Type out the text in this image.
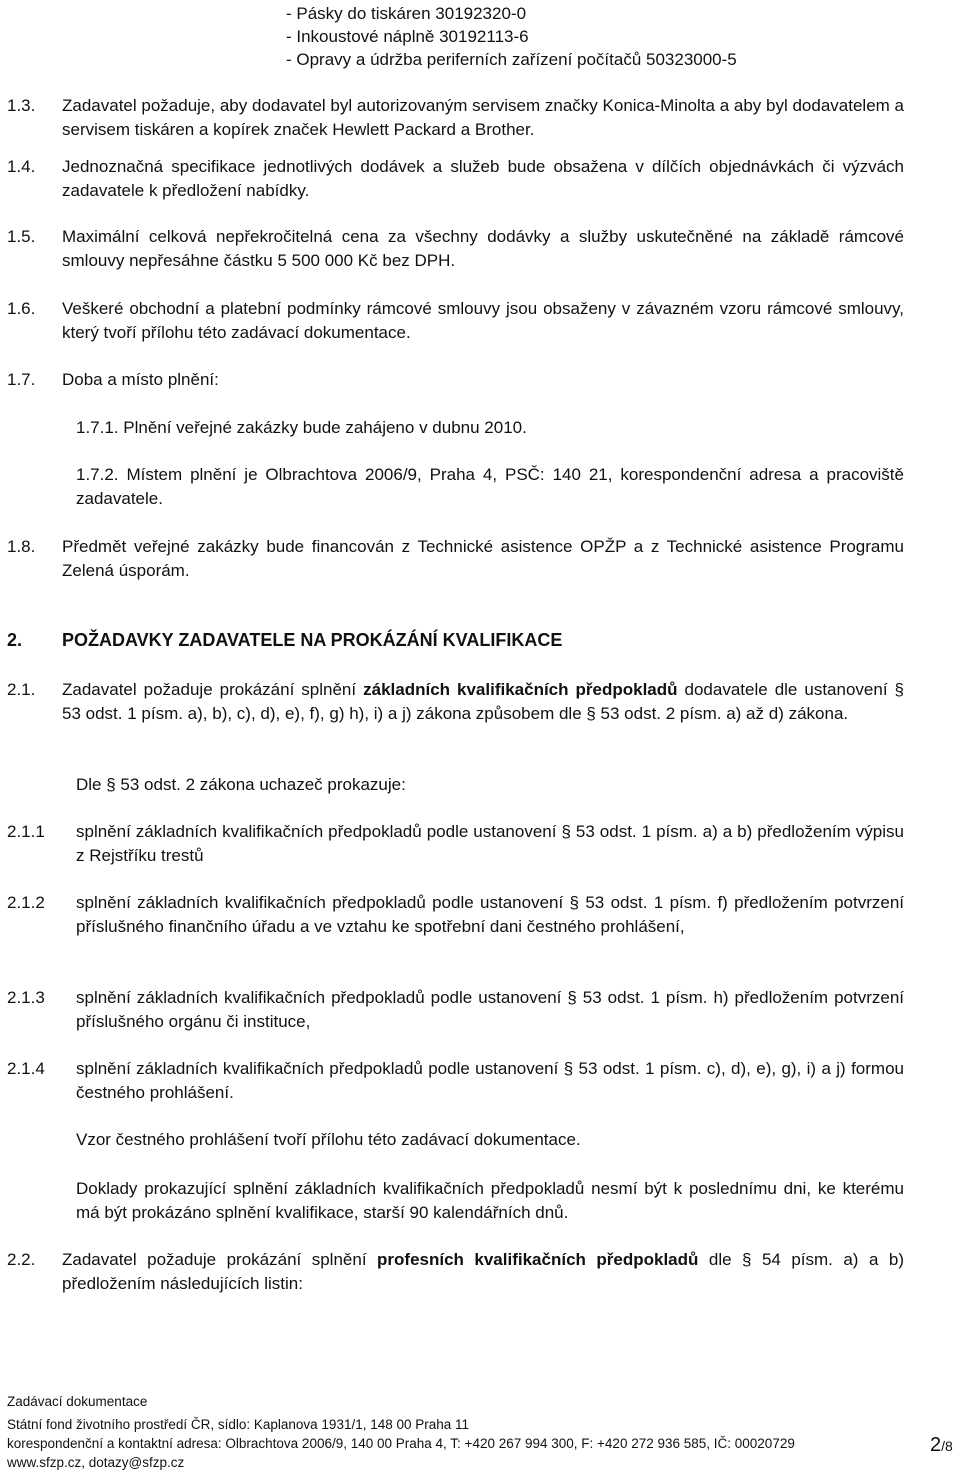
- Pásky do tiskáren 30192320-0
- Inkoustové náplně 30192113-6
- Opravy a údržba periferních zařízení počítačů 50323000-5
1.3. Zadavatel požaduje, aby dodavatel byl autorizovaným servisem značky Konica-Minolta a aby byl dodavatelem a servisem tiskáren a kopírek značek Hewlett Packard a Brother.
1.4. Jednoznačná specifikace jednotlivých dodávek a služeb bude obsažena v dílčích objednávkách či výzvách zadavatele k předložení nabídky.
1.5. Maximální celková nepřekročitelná cena za všechny dodávky a služby uskutečněné na základě rámcové smlouvy nepřesáhne částku 5 500 000 Kč bez DPH.
1.6. Veškeré obchodní a platební podmínky rámcové smlouvy jsou obsaženy v závazném vzoru rámcové smlouvy, který tvoří přílohu této zadávací dokumentace.
1.7. Doba a místo plnění:
1.7.1. Plnění veřejné zakázky bude zahájeno v dubnu 2010.
1.7.2. Místem plnění je Olbrachtova 2006/9, Praha 4, PSČ: 140 21, korespondenční adresa a pracoviště zadavatele.
1.8. Předmět veřejné zakázky bude financován z Technické asistence OPŽP a z Technické asistence Programu Zelená úsporám.
2. POŽADAVKY ZADAVATELE NA PROKÁZÁNÍ KVALIFIKACE
2.1. Zadavatel požaduje prokázání splnění základních kvalifikačních předpokladů dodavatele dle ustanovení § 53 odst. 1 písm. a), b), c), d), e), f), g) h), i) a j) zákona způsobem dle § 53 odst. 2 písm. a) až d) zákona.
Dle § 53 odst. 2 zákona uchazeč prokazuje:
2.1.1 splnění základních kvalifikačních předpokladů podle ustanovení § 53 odst. 1 písm. a) a b) předložením výpisu z Rejstříku trestů
2.1.2 splnění základních kvalifikačních předpokladů podle ustanovení § 53 odst. 1 písm. f) předložením potvrzení příslušného finančního úřadu a ve vztahu ke spotřební dani čestného prohlášení,
2.1.3 splnění základních kvalifikačních předpokladů podle ustanovení § 53 odst. 1 písm. h) předložením potvrzení příslušného orgánu či instituce,
2.1.4 splnění základních kvalifikačních předpokladů podle ustanovení § 53 odst. 1 písm. c), d), e), g), i) a j) formou čestného prohlášení.
Vzor čestného prohlášení tvoří přílohu této zadávací dokumentace.
Doklady prokazující splnění základních kvalifikačních předpokladů nesmí být k poslednímu dni, ke kterému má být prokázáno splnění kvalifikace, starší 90 kalendářních dnů.
2.2. Zadavatel požaduje prokázání splnění profesních kvalifikačních předpokladů dle § 54 písm. a) a b) předložením následujících listin:
Zadávací dokumentace
Státní fond životního prostředí ČR, sídlo: Kaplanova 1931/1, 148 00 Praha 11
korespondenční a kontaktní adresa: Olbrachtova 2006/9, 140 00 Praha 4, T: +420 267 994 300, F: +420 272 936 585, IČ: 00020729
www.sfzp.cz, dotazy@sfzp.cz
2/8
